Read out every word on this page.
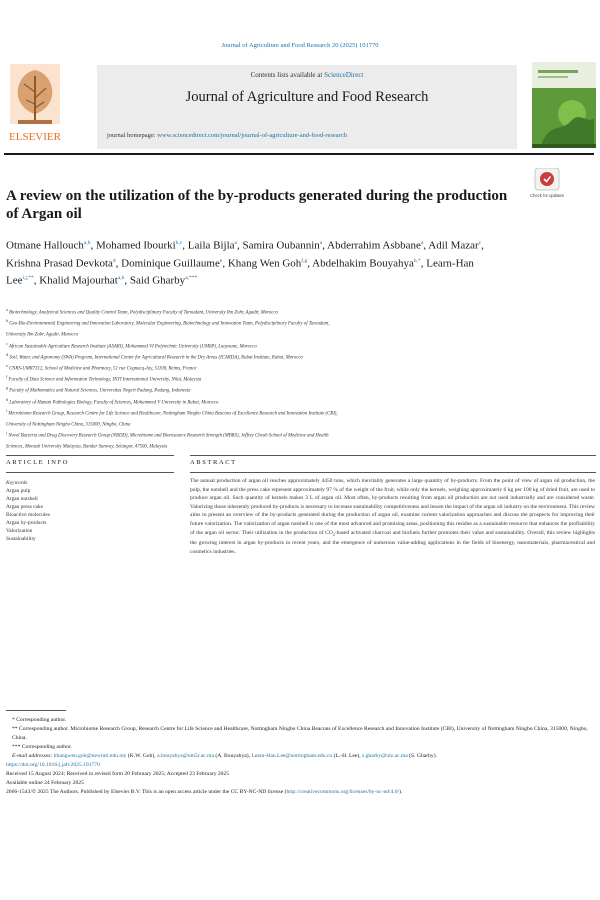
Journal of Agriculture and Food Research 20 (2025) 101770
ELSEVIER
Contents lists available at ScienceDirect
Journal of Agriculture and Food Research
journal homepage: www.sciencedirect.com/journal/journal-of-agriculture-and-food-research
A review on the utilization of the by-products generated during the production of Argan oil
Check for updates
Otmane Hallouch$^{a,b}$, Mohamed Ibourki$^{b,c}$, Laila Bijla$^a$, Samira Oubannin$^a$, Abderrahim Asbbane$^a$, Adil Mazar$^c$, Krishna Prasad Devkota$^d$, Dominique Guillaume$^e$, Khang Wen Goh$^{f,g}$, Abdelhakim Bouyahya$^{h,*}$, Learn-Han Lee$^{i,j,**}$, Khalid Majourhat$^{a,b}$, Said Gharby$^{a,***}$
$^a$ Biotechnology, Analytical Sciences and Quality Control Team, Polydisciplinary Faculty of Taroudant, University Ibn Zohr, Agadir, Morocco
$^b$ Geo-Bio-Environmental Engineering and Innovation Laboratory, Molecular Engineering, Biotechnology and Innovation Team, Polydisciplinary Faculty of Taroudant,
University Ibn Zohr, Agadir, Morocco
$^c$ African Sustainable Agriculture Research Institute (ASARI), Mohammed VI Polytechnic University (UM6P), Laayoune, Morocco
$^d$ Soil, Water, and Agronomy (SWA) Program, International Center for Agricultural Research in the Dry Areas (ICARDA), Rabat Institute, Rabat, Morocco
$^e$ CNRS-UMR7312, School of Medicine and Pharmacy, 51 rue Cognacq-Jay, 51100, Reims, France
$^f$ Faculty of Data Science and Information Technology, INTI International University, Nilai, Malaysia
$^g$ Faculty of Mathematics and Natural Sciences, Universitas Negeri Padang, Padang, Indonesia
$^h$ Laboratory of Human Pathologies Biology, Faculty of Sciences, Mohammed V University in Rabat, Morocco
$^i$ Microbiome Research Group, Research Centre for Life Science and Healthcare, Nottingham Ningbo China Beacons of Excellence Research and Innovation Institute (CBI),
University of Nottingham Ningbo China, 315000, Ningbo, China
$^j$ Novel Bacteria and Drug Discovery Research Group (NBDD), Microbiome and Bioresource Research Strength (MBRS), Jeffrey Cheah School of Medicine and Health
Sciences, Monash University Malaysia, Bandar Sunway, Selangor, 47500, Malaysia
ARTICLE INFO	ABSTRACT
Keywords
Argan pulp
Argan nutshell
Argan press cake
Bioactive molecules
Argan by-products
Valorization
Sustainability
The annual production of argan oil reaches approximately 4450 tons, which inevitably generates a large quantity of by-products. From the point of view of argan oil production, the pulp, the nutshell and the press cake represent approximately 97 % of the weight of the fruit, while only the kernels, weighing approximately 6 kg per 100 kg of dried fruit, are used to produce argan oil. Such quantity of kernels makes 3 L of argan oil. Most often, by-products resulting from argan oil production are not used industrially and are considered waste. Valorizing those inherently produced by-products is necessary to increase sustainability competitiveness and lessen the impact of the argan oil industry on the environment. This review aims to present an overview of the by-products generated during the production of argan oil, examine current valorization approaches and discuss the prospects for improving their future valorization. The valorization of argan nutshell is one of the most advanced and promising areas, positioning this residue as a sustainable resource that enhances the profitability of the argan oil sector. Their utilization in the production of $CO_2$-based activated charcoal and biofuels further promotes their value and sustainability. Overall, this review highlights the growing interest in argan by-products in recent years, and the emergence of numerous value-adding applications in the fields of bioenergy, nanomaterials, pharmaceutical and cosmetics industries.
* Corresponding author.
** Corresponding author. Microbiome Research Group, Research Centre for Life Science and Healthcare, Nottingham Ningbo China Beacons of Excellence Research and Innovation Institute (CBI), University of Nottingham Ningbo China, 315000, Ningbo, China.
*** Corresponding author.
E-mail addresses: khangwen.goh@newinti.edu.my (K.W. Goh), a.bouyahya@um5r.ac.ma (A. Bouyahya), Learn-Han.Lee@nottingham.edu.cn (L.-H. Lee), s.gharby@uiz.ac.ma (S. Gharby).
https://doi.org/10.1016/j.jafr.2025.101770
Received 15 August 2024; Received in revised form 20 February 2025; Accepted 23 February 2025
Available online 24 February 2025
2666-1543/© 2025 The Authors. Published by Elsevier B.V. This is an open access article under the CC BY-NC-ND license (http://creativecommons.org/licenses/by-nc-nd/4.0/).
